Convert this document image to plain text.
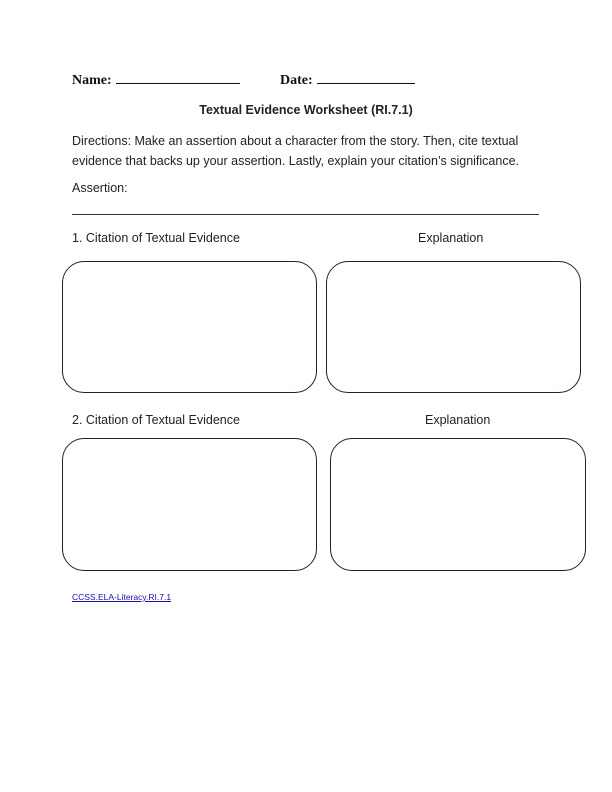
Name:	Date:
Textual Evidence Worksheet (RI.7.1)
Directions: Make an assertion about a character from the story. Then, cite textual evidence that backs up your assertion. Lastly, explain your citation’s significance.
Assertion:
1. Citation of Textual Evidence	Explanation
2. Citation of Textual Evidence	Explanation
CCSS.ELA-Literacy.RI.7.1
